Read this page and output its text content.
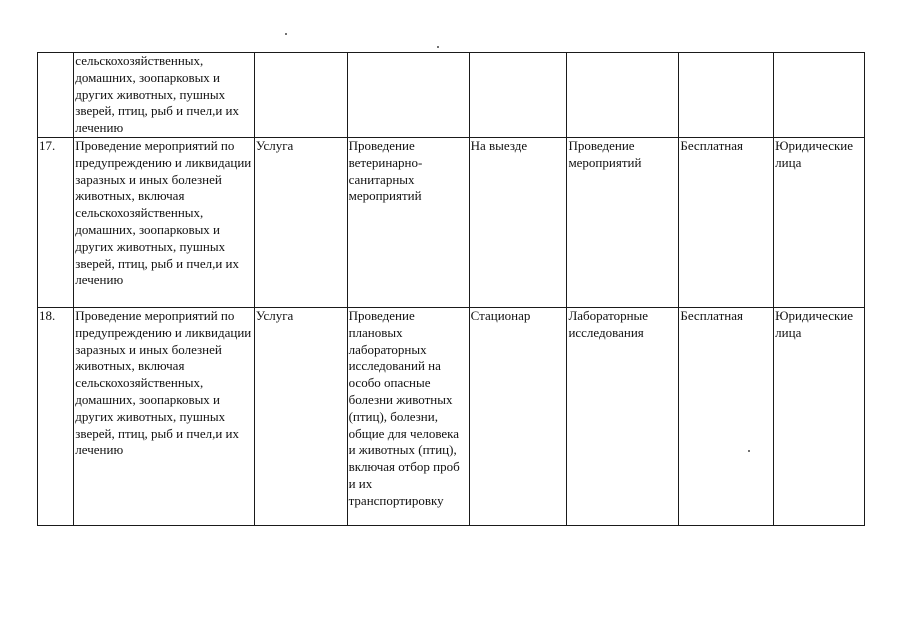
	сельскохозяйственных, домашних, зоопарковых и других животных, пушных зверей, птиц, рыб и пчел,и их лечению						
17.	Проведение мероприятий по предупреждению и ликвидации заразных и иных болезней животных, включая сельскохозяйственных, домашних, зоопарковых и других животных, пушных зверей, птиц, рыб и пчел,и их лечению	Услуга	Проведение ветеринарно-санитарных мероприятий	На выезде	Проведение мероприятий	Бесплатная	Юридические лица
18.	Проведение мероприятий по предупреждению и ликвидации заразных и иных болезней животных, включая сельскохозяйственных, домашних, зоопарковых и других животных, пушных зверей, птиц, рыб и пчел,и их лечению	Услуга	Проведение плановых лабораторных исследований на особо опасные болезни животных (птиц), болезни, общие для человека и животных (птиц), включая отбор проб и их транспортировку	Стационар	Лабораторные исследования	Бесплатная	Юридические лица
